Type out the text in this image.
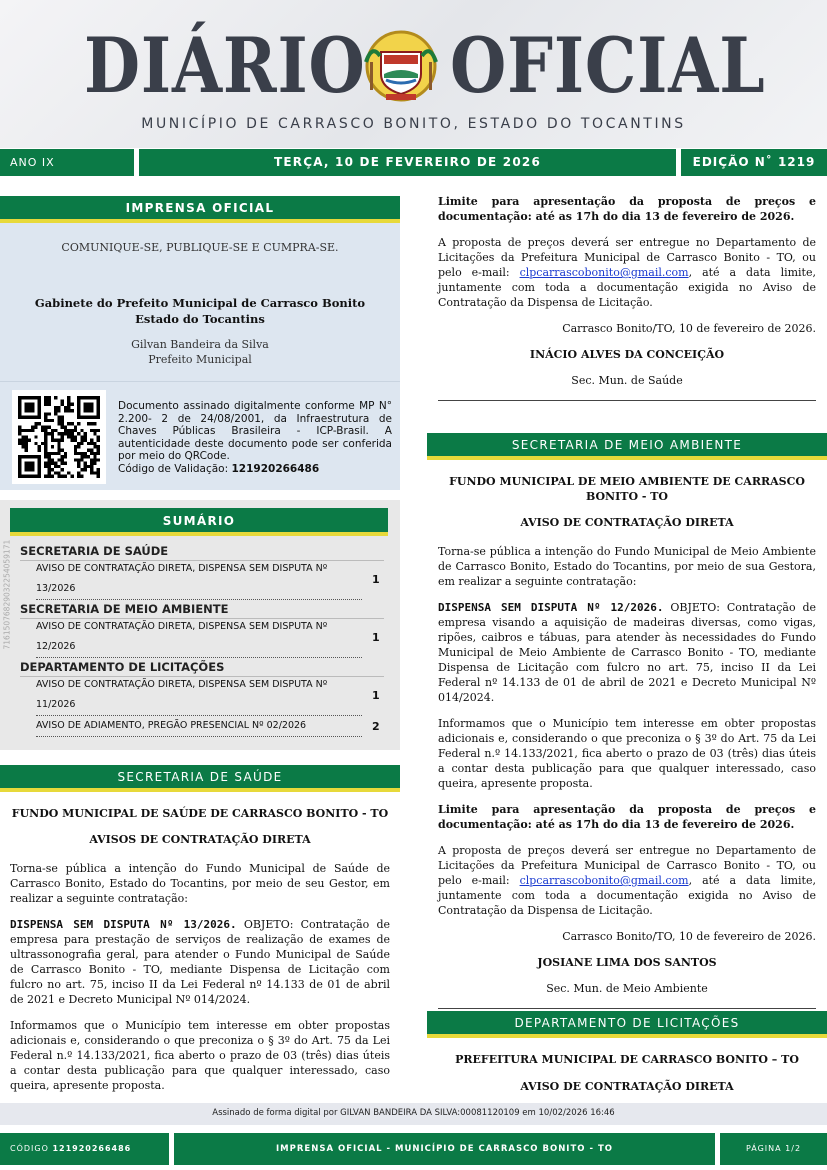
DIÁRIO OFICIAL
MUNICÍPIO DE CARRASCO BONITO, ESTADO DO TOCANTINS
ANO IX	TERÇA, 10 DE FEVEREIRO DE 2026	EDIÇÃO N˚ 1219
IMPRENSA OFICIAL
COMUNIQUE-SE, PUBLIQUE-SE E CUMPRA-SE.
Gabinete do Prefeito Municipal de Carrasco Bonito Estado do Tocantins
Gilvan Bandeira da Silva
Prefeito Municipal
Documento assinado digitalmente conforme MP N° 2.200- 2 de 24/08/2001, da Infraestrutura de Chaves Públicas Brasileira - ICP-Brasil. A autenticidade deste documento pode ser conferida por meio do QRCode.
Código de Validação: 121920266486
SUMÁRIO
SECRETARIA DE SAÚDE
AVISO DE CONTRATAÇÃO DIRETA, DISPENSA SEM DISPUTA Nº 13/2026
1
SECRETARIA DE MEIO AMBIENTE
AVISO DE CONTRATAÇÃO DIRETA, DISPENSA SEM DISPUTA Nº 12/2026
1
DEPARTAMENTO DE LICITAÇÕES
AVISO DE CONTRATAÇÃO DIRETA, DISPENSA SEM DISPUTA Nº 11/2026
1
AVISO DE ADIAMENTO, PREGÃO PRESENCIAL Nº 02/2026	2
71615076829032254059171
SECRETARIA DE SAÚDE

FUNDO MUNICIPAL DE SAÚDE DE CARRASCO BONITO - TO

AVISOS DE CONTRATAÇÃO DIRETA

Torna-se pública a intenção do Fundo Municipal de Saúde de Carrasco Bonito, Estado do Tocantins, por meio de seu Gestor, em realizar a seguinte contratação:

DISPENSA SEM DISPUTA Nº 13/2026. OBJETO: Contratação de empresa para prestação de serviços de realização de exames de ultrassonografia geral, para atender o Fundo Municipal de Saúde de Carrasco Bonito - TO, mediante Dispensa de Licitação com fulcro no art. 75, inciso II da Lei Federal nº 14.133 de 01 de abril de 2021 e Decreto Municipal Nº 014/2024.

Informamos que o Município tem interesse em obter propostas adicionais e, considerando o que preconiza o § 3º do Art. 75 da Lei Federal n.º 14.133/2021, fica aberto o prazo de 03 (três) dias úteis a contar desta publicação para que qualquer interessado, caso queira, apresente proposta.

Limite para apresentação da proposta de preços e documentação: até as 17h do dia 13 de fevereiro de 2026.

A proposta de preços deverá ser entregue no Departamento de Licitações da Prefeitura Municipal de Carrasco Bonito - TO, ou pelo e-mail: clpcarrascobonito@gmail.com, até a data limite, juntamente com toda a documentação exigida no Aviso de Contratação da Dispensa de Licitação.

Carrasco Bonito/TO, 10 de fevereiro de 2026.

INÁCIO ALVES DA CONCEIÇÃO

Sec. Mun. de Saúde

SECRETARIA DE MEIO AMBIENTE

FUNDO MUNICIPAL DE MEIO AMBIENTE DE CARRASCO BONITO - TO

AVISO DE CONTRATAÇÃO DIRETA

Torna-se pública a intenção do Fundo Municipal de Meio Ambiente de Carrasco Bonito, Estado do Tocantins, por meio de sua Gestora, em realizar a seguinte contratação:

DISPENSA SEM DISPUTA Nº 12/2026. OBJETO: Contratação de empresa visando a aquisição de madeiras diversas, como vigas, ripões, caibros e tábuas, para atender às necessidades do Fundo Municipal de Meio Ambiente de Carrasco Bonito - TO, mediante Dispensa de Licitação com fulcro no art. 75, inciso II da Lei Federal nº 14.133 de 01 de abril de 2021 e Decreto Municipal Nº 014/2024.

Informamos que o Município tem interesse em obter propostas adicionais e, considerando o que preconiza o § 3º do Art. 75 da Lei Federal n.º 14.133/2021, fica aberto o prazo de 03 (três) dias úteis a contar desta publicação para que qualquer interessado, caso queira, apresente proposta.

Limite para apresentação da proposta de preços e documentação: até as 17h do dia 13 de fevereiro de 2026.

A proposta de preços deverá ser entregue no Departamento de Licitações da Prefeitura Municipal de Carrasco Bonito - TO, ou pelo e-mail: clpcarrascobonito@gmail.com, até a data limite, juntamente com toda a documentação exigida no Aviso de Contratação da Dispensa de Licitação.

Carrasco Bonito/TO, 10 de fevereiro de 2026.

JOSIANE LIMA DOS SANTOS

Sec. Mun. de Meio Ambiente

DEPARTAMENTO DE LICITAÇÕES

PREFEITURA MUNICIPAL DE CARRASCO BONITO – TO

AVISO DE CONTRATAÇÃO DIRETA

Assinado de forma digital por GILVAN BANDEIRA DA SILVA:00081120109 em 10/02/2026 16:46
CÓDIGO 121920266486	IMPRENSA OFICIAL - MUNICÍPIO DE CARRASCO BONITO - TO	PÁGINA 1/2
